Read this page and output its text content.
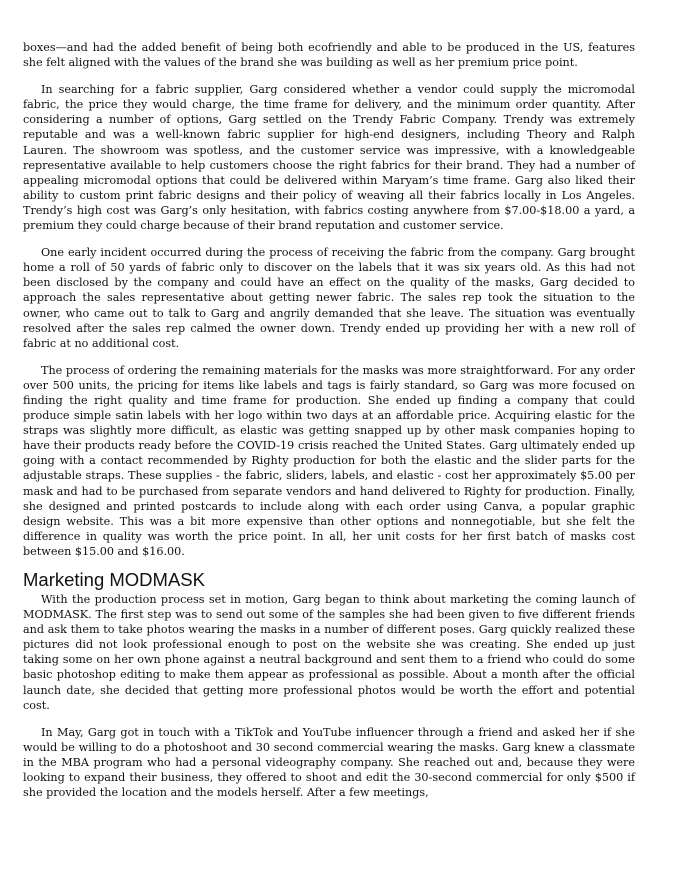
boxes—and had the added benefit of being both ecofriendly and able to be produced in the US, features she felt aligned with the values of the brand she was building as well as her premium price point.

In searching for a fabric supplier, Garg considered whether a vendor could supply the micromodal fabric, the price they would charge, the time frame for delivery, and the minimum order quantity. After considering a number of options, Garg settled on the Trendy Fabric Company. Trendy was extremely reputable and was a well-known fabric supplier for high-end designers, including Theory and Ralph Lauren. The showroom was spotless, and the customer service was impressive, with a knowledgeable representative available to help customers choose the right fabrics for their brand. They had a number of appealing micromodal options that could be delivered within Maryam’s time frame. Garg also liked their ability to custom print fabric designs and their policy of weaving all their fabrics locally in Los Angeles. Trendy’s high cost was Garg’s only hesitation, with fabrics costing anywhere from $7.00-$18.00 a yard, a premium they could charge because of their brand reputation and customer service.

One early incident occurred during the process of receiving the fabric from the company. Garg brought home a roll of 50 yards of fabric only to discover on the labels that it was six years old. As this had not been disclosed by the company and could have an effect on the quality of the masks, Garg decided to approach the sales representative about getting newer fabric. The sales rep took the situation to the owner, who came out to talk to Garg and angrily demanded that she leave. The situation was eventually resolved after the sales rep calmed the owner down. Trendy ended up providing her with a new roll of fabric at no additional cost.

The process of ordering the remaining materials for the masks was more straightforward. For any order over 500 units, the pricing for items like labels and tags is fairly standard, so Garg was more focused on finding the right quality and time frame for production. She ended up finding a company that could produce simple satin labels with her logo within two days at an affordable price. Acquiring elastic for the straps was slightly more difficult, as elastic was getting snapped up by other mask companies hoping to have their products ready before the COVID-19 crisis reached the United States. Garg ultimately ended up going with a contact recommended by Righty production for both the elastic and the slider parts for the adjustable straps. These supplies - the fabric, sliders, labels, and elastic - cost her approximately $5.00 per mask and had to be purchased from separate vendors and hand delivered to Righty for production. Finally, she designed and printed postcards to include along with each order using Canva, a popular graphic design website. This was a bit more expensive than other options and nonnegotiable, but she felt the difference in quality was worth the price point. In all, her unit costs for her first batch of masks cost between $15.00 and $16.00.

Marketing MODMASK

With the production process set in motion, Garg began to think about marketing the coming launch of MODMASK. The first step was to send out some of the samples she had been given to five different friends and ask them to take photos wearing the masks in a number of different poses. Garg quickly realized these pictures did not look professional enough to post on the website she was creating. She ended up just taking some on her own phone against a neutral background and sent them to a friend who could do some basic photoshop editing to make them appear as professional as possible. About a month after the official launch date, she decided that getting more professional photos would be worth the effort and potential cost.

In May, Garg got in touch with a TikTok and YouTube influencer through a friend and asked her if she would be willing to do a photoshoot and 30 second commercial wearing the masks. Garg knew a classmate in the MBA program who had a personal videography company. She reached out and, because they were looking to expand their business, they offered to shoot and edit the 30-second commercial for only $500 if she provided the location and the models herself. After a few meetings,
